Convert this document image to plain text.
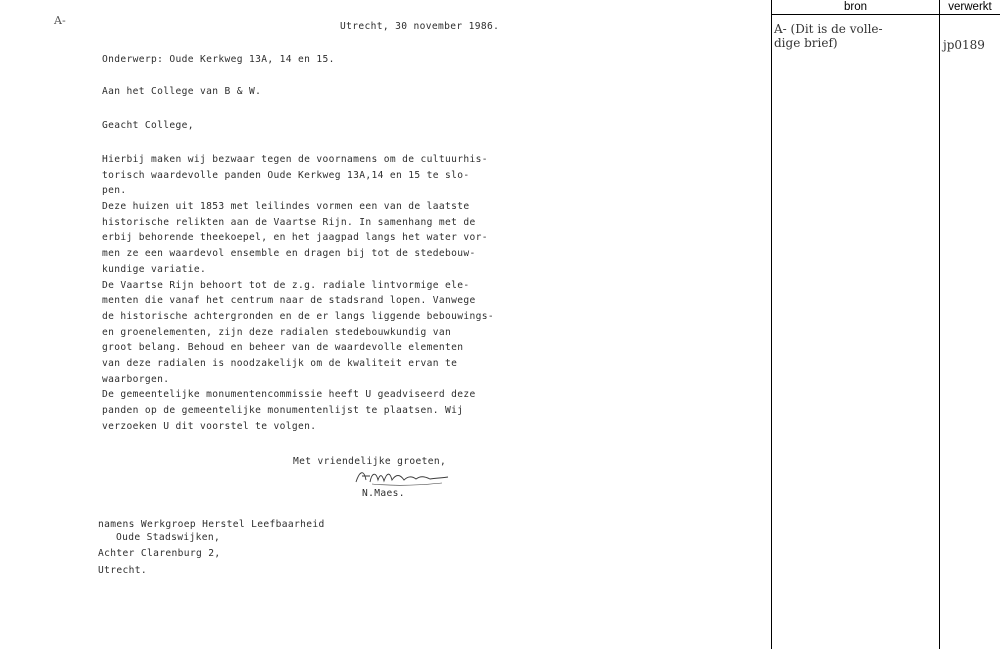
A-	Utrecht, 30 november 1986.
Onderwerp: Oude Kerkweg 13A, 14 en 15.
Aan het College van B & W.
Geacht College,
Hierbij maken wij bezwaar tegen de voornamens om de cultuurhis-
torisch waardevolle panden Oude Kerkweg 13A,14 en 15 te slo-
pen.
Deze huizen uit 1853 met leilindes vormen een van de laatste
historische relikten aan de Vaartse Rijn. In samenhang met de
erbij behorende theekoepel, en het jaagpad langs het water vor-
men ze een waardevol ensemble en dragen bij tot de stedebouw-
kundige variatie.
De Vaartse Rijn behoort tot de z.g. radiale lintvormige ele-
menten die vanaf het centrum naar de stadsrand lopen. Vanwege
de historische achtergronden en de er langs liggende bebouwings-
en groenelementen, zijn deze radialen stedebouwkundig van
groot belang. Behoud en beheer van de waardevolle elementen
van deze radialen is noodzakelijk om de kwaliteit ervan te
waarborgen.
De gemeentelijke monumentencommissie heeft U geadviseerd deze
panden op de gemeentelijke monumentenlijst te plaatsen. Wij
verzoeken U dit voorstel te volgen.
Met vriendelijke groeten,
N.Maes.
namens Werkgroep Herstel Leefbaarheid
Oude Stadswijken,
Achter Clarenburg 2,
Utrecht.
bron	verwerkt
A- (Dit is de volle-
dige brief)	jp0189
